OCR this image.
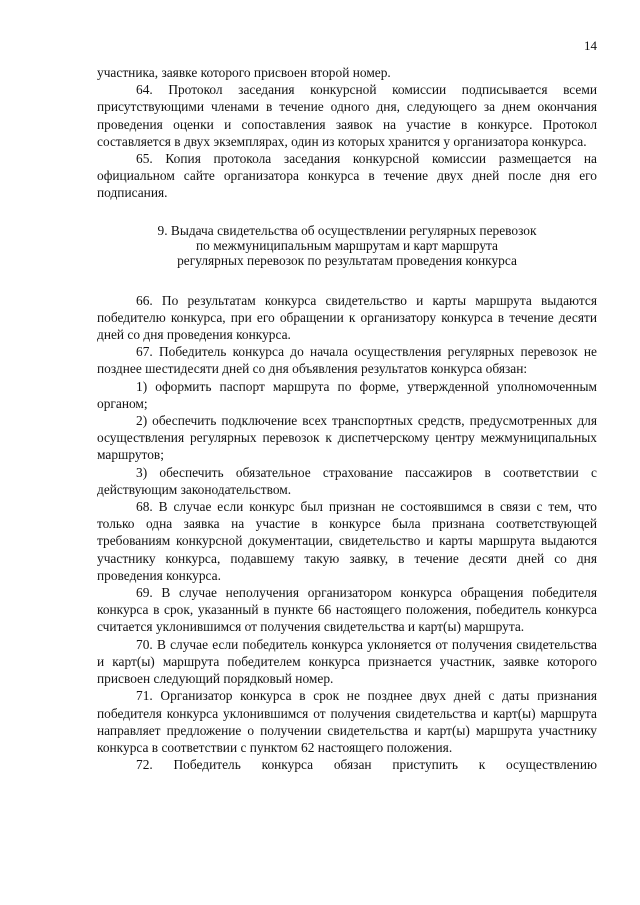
14

участника, заявке которого присвоен второй номер.

64. Протокол заседания конкурсной комиссии подписывается всеми присутствующими членами в течение одного дня, следующего за днем окончания проведения оценки и сопоставления заявок на участие в конкурсе. Протокол составляется в двух экземплярах, один из которых хранится у организатора конкурса.

65. Копия протокола заседания конкурсной комиссии размещается на официальном сайте организатора конкурса в течение двух дней после дня его подписания.

9. Выдача свидетельства об осуществлении регулярных перевозок
по межмуниципальным маршрутам и карт маршрута
регулярных перевозок по результатам проведения конкурса

66. По результатам конкурса свидетельство и карты маршрута выдаются победителю конкурса, при его обращении к организатору конкурса в течение десяти дней со дня проведения конкурса.

67. Победитель конкурса до начала осуществления регулярных перевозок не позднее шестидесяти дней со дня объявления результатов конкурса обязан:

1) оформить паспорт маршрута по форме, утвержденной уполномоченным органом;

2) обеспечить подключение всех транспортных средств, предусмотренных для осуществления регулярных перевозок к диспетчерскому центру межмуниципальных маршрутов;

3) обеспечить обязательное страхование пассажиров в соответствии с действующим законодательством.

68. В случае если конкурс был признан не состоявшимся в связи с тем, что только одна заявка на участие в конкурсе была признана соответствующей требованиям конкурсной документации, свидетельство и карты маршрута выдаются участнику конкурса, подавшему такую заявку, в течение десяти дней со дня проведения конкурса.

69. В случае неполучения организатором конкурса обращения победителя конкурса в срок, указанный в пункте 66 настоящего положения, победитель конкурса считается уклонившимся от получения свидетельства и карт(ы) маршрута.

70. В случае если победитель конкурса уклоняется от получения свидетельства и карт(ы) маршрута победителем конкурса признается участник, заявке которого присвоен следующий порядковый номер.

71. Организатор конкурса в срок не позднее двух дней с даты признания победителя конкурса уклонившимся от получения свидетельства и карт(ы) маршрута направляет предложение о получении свидетельства и карт(ы) маршрута участнику конкурса в соответствии с пунктом 62 настоящего положения.

72. Победитель конкурса обязан приступить к осуществлению
